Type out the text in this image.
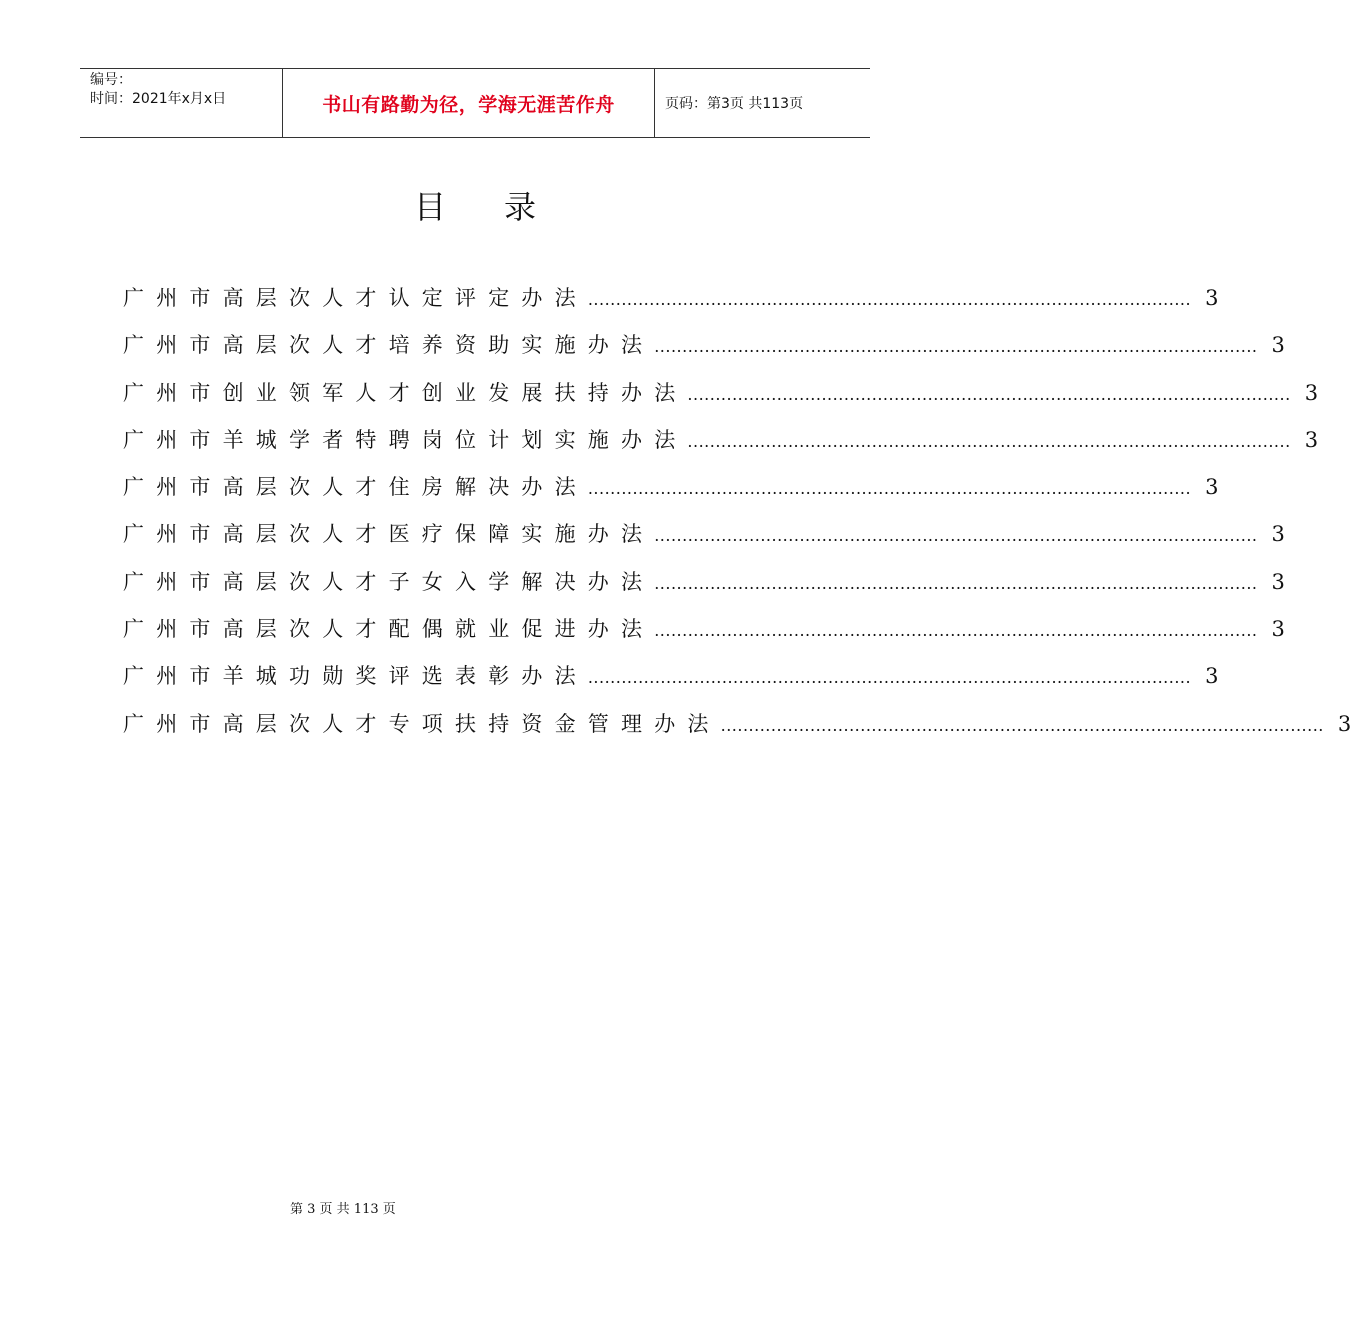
编号：
时间：2021年x月x日	书山有路勤为径，学海无涯苦作舟	页码：第3页 共113页
目录
广州市高层次人才认定评定办法 ............................................................................................................ 3
广州市高层次人才培养资助实施办法 ............................................................................................................ 3
广州市创业领军人才创业发展扶持办法 ............................................................................................................ 3
广州市羊城学者特聘岗位计划实施办法 ............................................................................................................ 3
广州市高层次人才住房解决办法 ............................................................................................................ 3
广州市高层次人才医疗保障实施办法 ............................................................................................................ 3
广州市高层次人才子女入学解决办法 ............................................................................................................ 3
广州市高层次人才配偶就业促进办法 ............................................................................................................ 3
广州市羊城功勋奖评选表彰办法 ............................................................................................................ 3
广州市高层次人才专项扶持资金管理办法 ............................................................................................................ 3
第 3 页 共 113 页
